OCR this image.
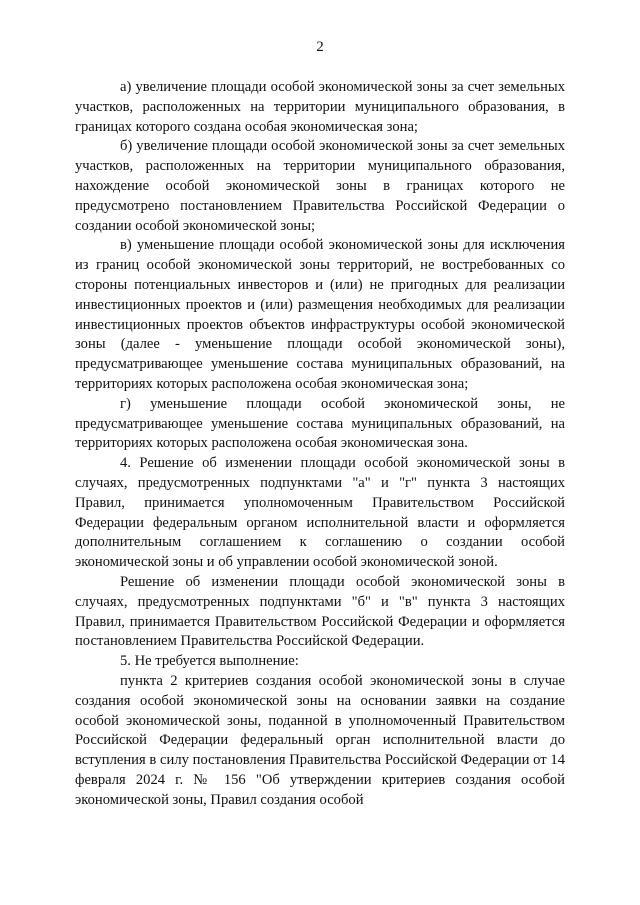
2

а) увеличение площади особой экономической зоны за счет земельных участков, расположенных на территории муниципального образования, в границах которого создана особая экономическая зона;

б) увеличение площади особой экономической зоны за счет земельных участков, расположенных на территории муниципального образования, нахождение особой экономической зоны в границах которого не предусмотрено постановлением Правительства Российской Федерации о создании особой экономической зоны;

в) уменьшение площади особой экономической зоны для исключения из границ особой экономической зоны территорий, не востребованных со стороны потенциальных инвесторов и (или) не пригодных для реализации инвестиционных проектов и (или) размещения необходимых для реализации инвестиционных проектов объектов инфраструктуры особой экономической зоны (далее - уменьшение площади особой экономической зоны), предусматривающее уменьшение состава муниципальных образований, на территориях которых расположена особая экономическая зона;

г) уменьшение площади особой экономической зоны, не предусматривающее уменьшение состава муниципальных образований, на территориях которых расположена особая экономическая зона.

4. Решение об изменении площади особой экономической зоны в случаях, предусмотренных подпунктами "а" и "г" пункта 3 настоящих Правил, принимается уполномоченным Правительством Российской Федерации федеральным органом исполнительной власти и оформляется дополнительным соглашением к соглашению о создании особой экономической зоны и об управлении особой экономической зоной.

Решение об изменении площади особой экономической зоны в случаях, предусмотренных подпунктами "б" и "в" пункта 3 настоящих Правил, принимается Правительством Российской Федерации и оформляется постановлением Правительства Российской Федерации.

5. Не требуется выполнение:

пункта 2 критериев создания особой экономической зоны в случае создания особой экономической зоны на основании заявки на создание особой экономической зоны, поданной в уполномоченный Правительством Российской Федерации федеральный орган исполнительной власти до вступления в силу постановления Правительства Российской Федерации от 14 февраля 2024 г. № 156 "Об утверждении критериев создания особой экономической зоны, Правил создания особой
